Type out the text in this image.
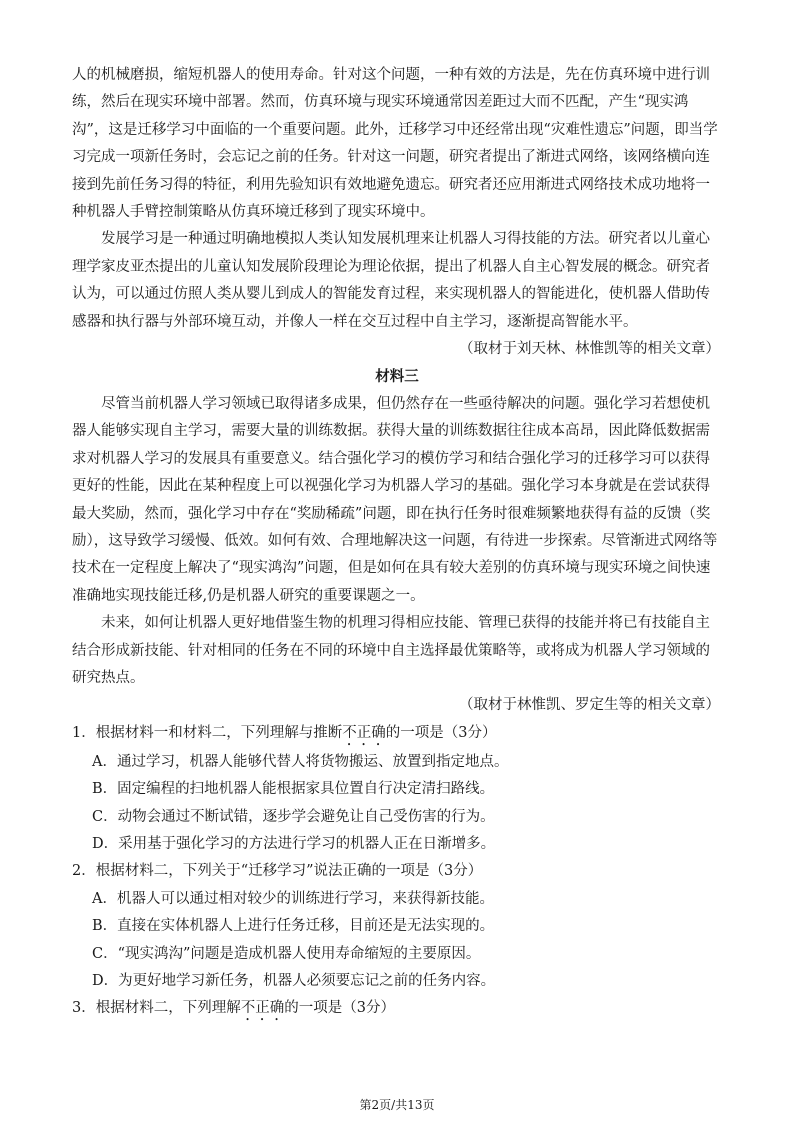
人的机械磨损，缩短机器人的使用寿命。针对这个问题，一种有效的方法是，先在仿真环境中进行训练，然后在现实环境中部署。然而，仿真环境与现实环境通常因差距过大而不匹配，产生“现实鸿沟”，这是迁移学习中面临的一个重要问题。此外，迁移学习中还经常出现“灾难性遗忘”问题，即当学习完成一项新任务时，会忘记之前的任务。针对这一问题，研究者提出了渐进式网络，该网络横向连接到先前任务习得的特征，利用先验知识有效地避免遗忘。研究者还应用渐进式网络技术成功地将一种机器人手臂控制策略从仿真环境迁移到了现实环境中。

发展学习是一种通过明确地模拟人类认知发展机理来让机器人习得技能的方法。研究者以儿童心理学家皮亚杰提出的儿童认知发展阶段理论为理论依据，提出了机器人自主心智发展的概念。研究者认为，可以通过仿照人类从婴儿到成人的智能发育过程，来实现机器人的智能进化，使机器人借助传感器和执行器与外部环境互动，并像人一样在交互过程中自主学习，逐渐提高智能水平。

（取材于刘天林、林惟凯等的相关文章）

材料三

尽管当前机器人学习领域已取得诸多成果，但仍然存在一些亟待解决的问题。强化学习若想使机器人能够实现自主学习，需要大量的训练数据。获得大量的训练数据往往成本高昂，因此降低数据需求对机器人学习的发展具有重要意义。结合强化学习的模仿学习和结合强化学习的迁移学习可以获得更好的性能，因此在某种程度上可以视强化学习为机器人学习的基础。强化学习本身就是在尝试获得最大奖励，然而，强化学习中存在“奖励稀疏”问题，即在执行任务时很难频繁地获得有益的反馈（奖励），这导致学习缓慢、低效。如何有效、合理地解决这一问题，有待进一步探索。尽管渐进式网络等技术在一定程度上解决了“现实鸿沟”问题，但是如何在具有较大差别的仿真环境与现实环境之间快速准确地实现技能迁移,仍是机器人研究的重要课题之一。

未来，如何让机器人更好地借鉴生物的机理习得相应技能、管理已获得的技能并将已有技能自主结合形成新技能、针对相同的任务在不同的环境中自主选择最优策略等，或将成为机器人学习领域的研究热点。

（取材于林惟凯、罗定生等的相关文章）

1．根据材料一和材料二，下列理解与推断不正确的一项是（3分）

A．通过学习，机器人能够代替人将货物搬运、放置到指定地点。

B．固定编程的扫地机器人能根据家具位置自行决定清扫路线。

C．动物会通过不断试错，逐步学会避免让自己受伤害的行为。

D．采用基于强化学习的方法进行学习的机器人正在日渐增多。

2．根据材料二，下列关于“迁移学习”说法正确的一项是（3分）

A．机器人可以通过相对较少的训练进行学习，来获得新技能。

B．直接在实体机器人上进行任务迁移，目前还是无法实现的。

C．“现实鸿沟”问题是造成机器人使用寿命缩短的主要原因。

D．为更好地学习新任务，机器人必须要忘记之前的任务内容。

3．根据材料二，下列理解不正确的一项是（3分）

第2页/共13页
